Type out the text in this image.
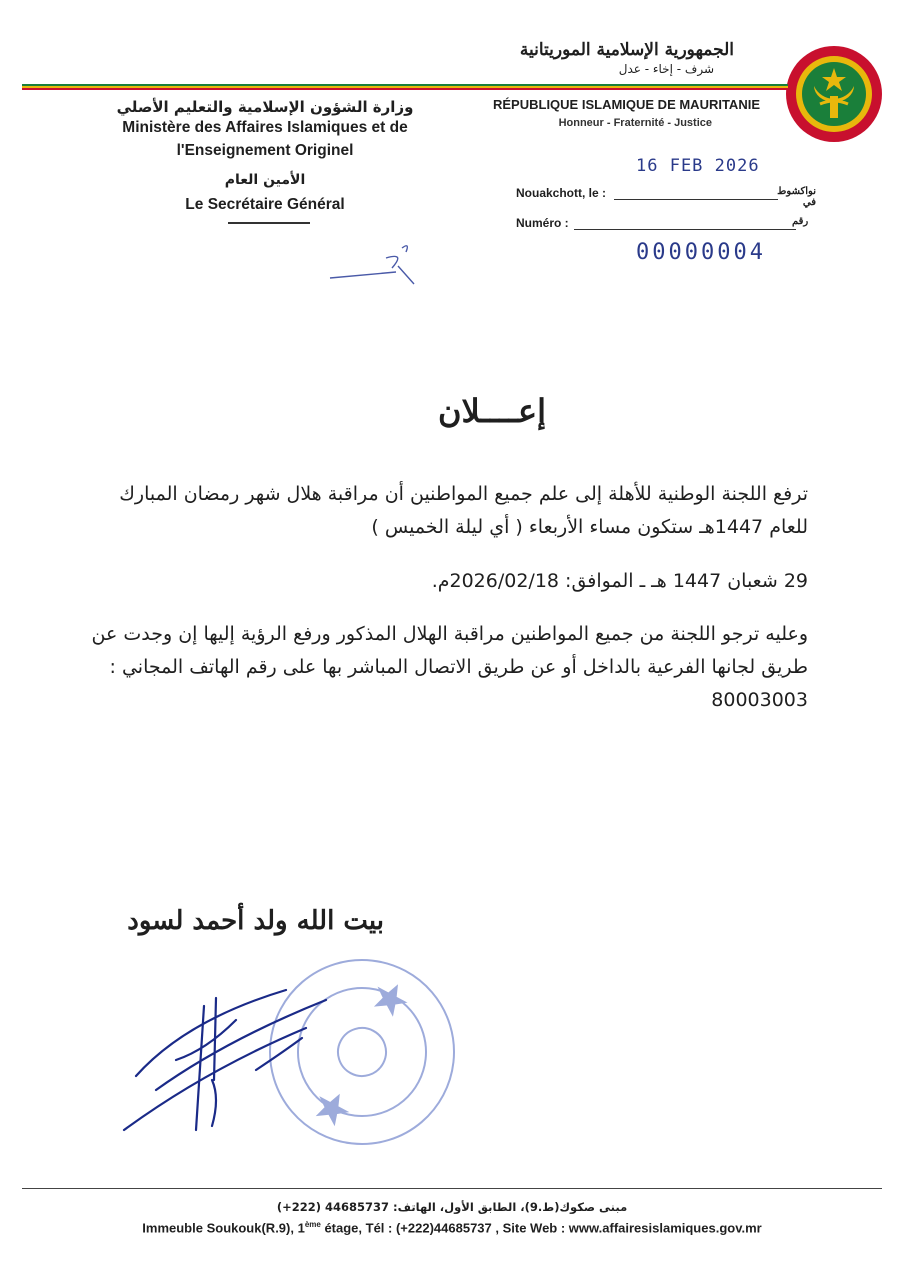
الجمهورية الإسلامية الموريتانية
شرف - إخاء - عدل
RÉPUBLIQUE ISLAMIQUE DE MAURITANIE
Honneur - Fraternité - Justice
وزارة الشؤون الإسلامية والتعليم الأصلي
Ministère des Affaires Islamiques et de
l'Enseignement Originel
الأمين العام
Le Secrétaire Général
16 FEB 2026
Nouakchott, le :	نواكشوط في
Numéro :	رقم
00000004
إعــــلان
ترفع اللجنة الوطنية للأهلة إلى علم جميع المواطنين أن مراقبة هلال شهر رمضان المبارك للعام 1447هـ ستكون مساء الأربعاء ( أي ليلة الخميس )
29 شعبان 1447 هـ ـ الموافق: 2026/02/18م.
وعليه ترجو اللجنة من جميع المواطنين مراقبة الهلال المذكور ورفع الرؤية إليها إن وجدت عن طريق لجانها الفرعية بالداخل أو عن طريق الاتصال المباشر بها على رقم الهاتف المجاني : 80003003
بيت الله ولد أحمد لسود
مبنى صكوك(ط.9)، الطابق الأول، الهاتف: 44685737 (222+)
Immeuble Soukouk(R.9), 1ème étage, Tél : (+222)44685737 , Site Web : www.affairesislamiques.gov.mr
